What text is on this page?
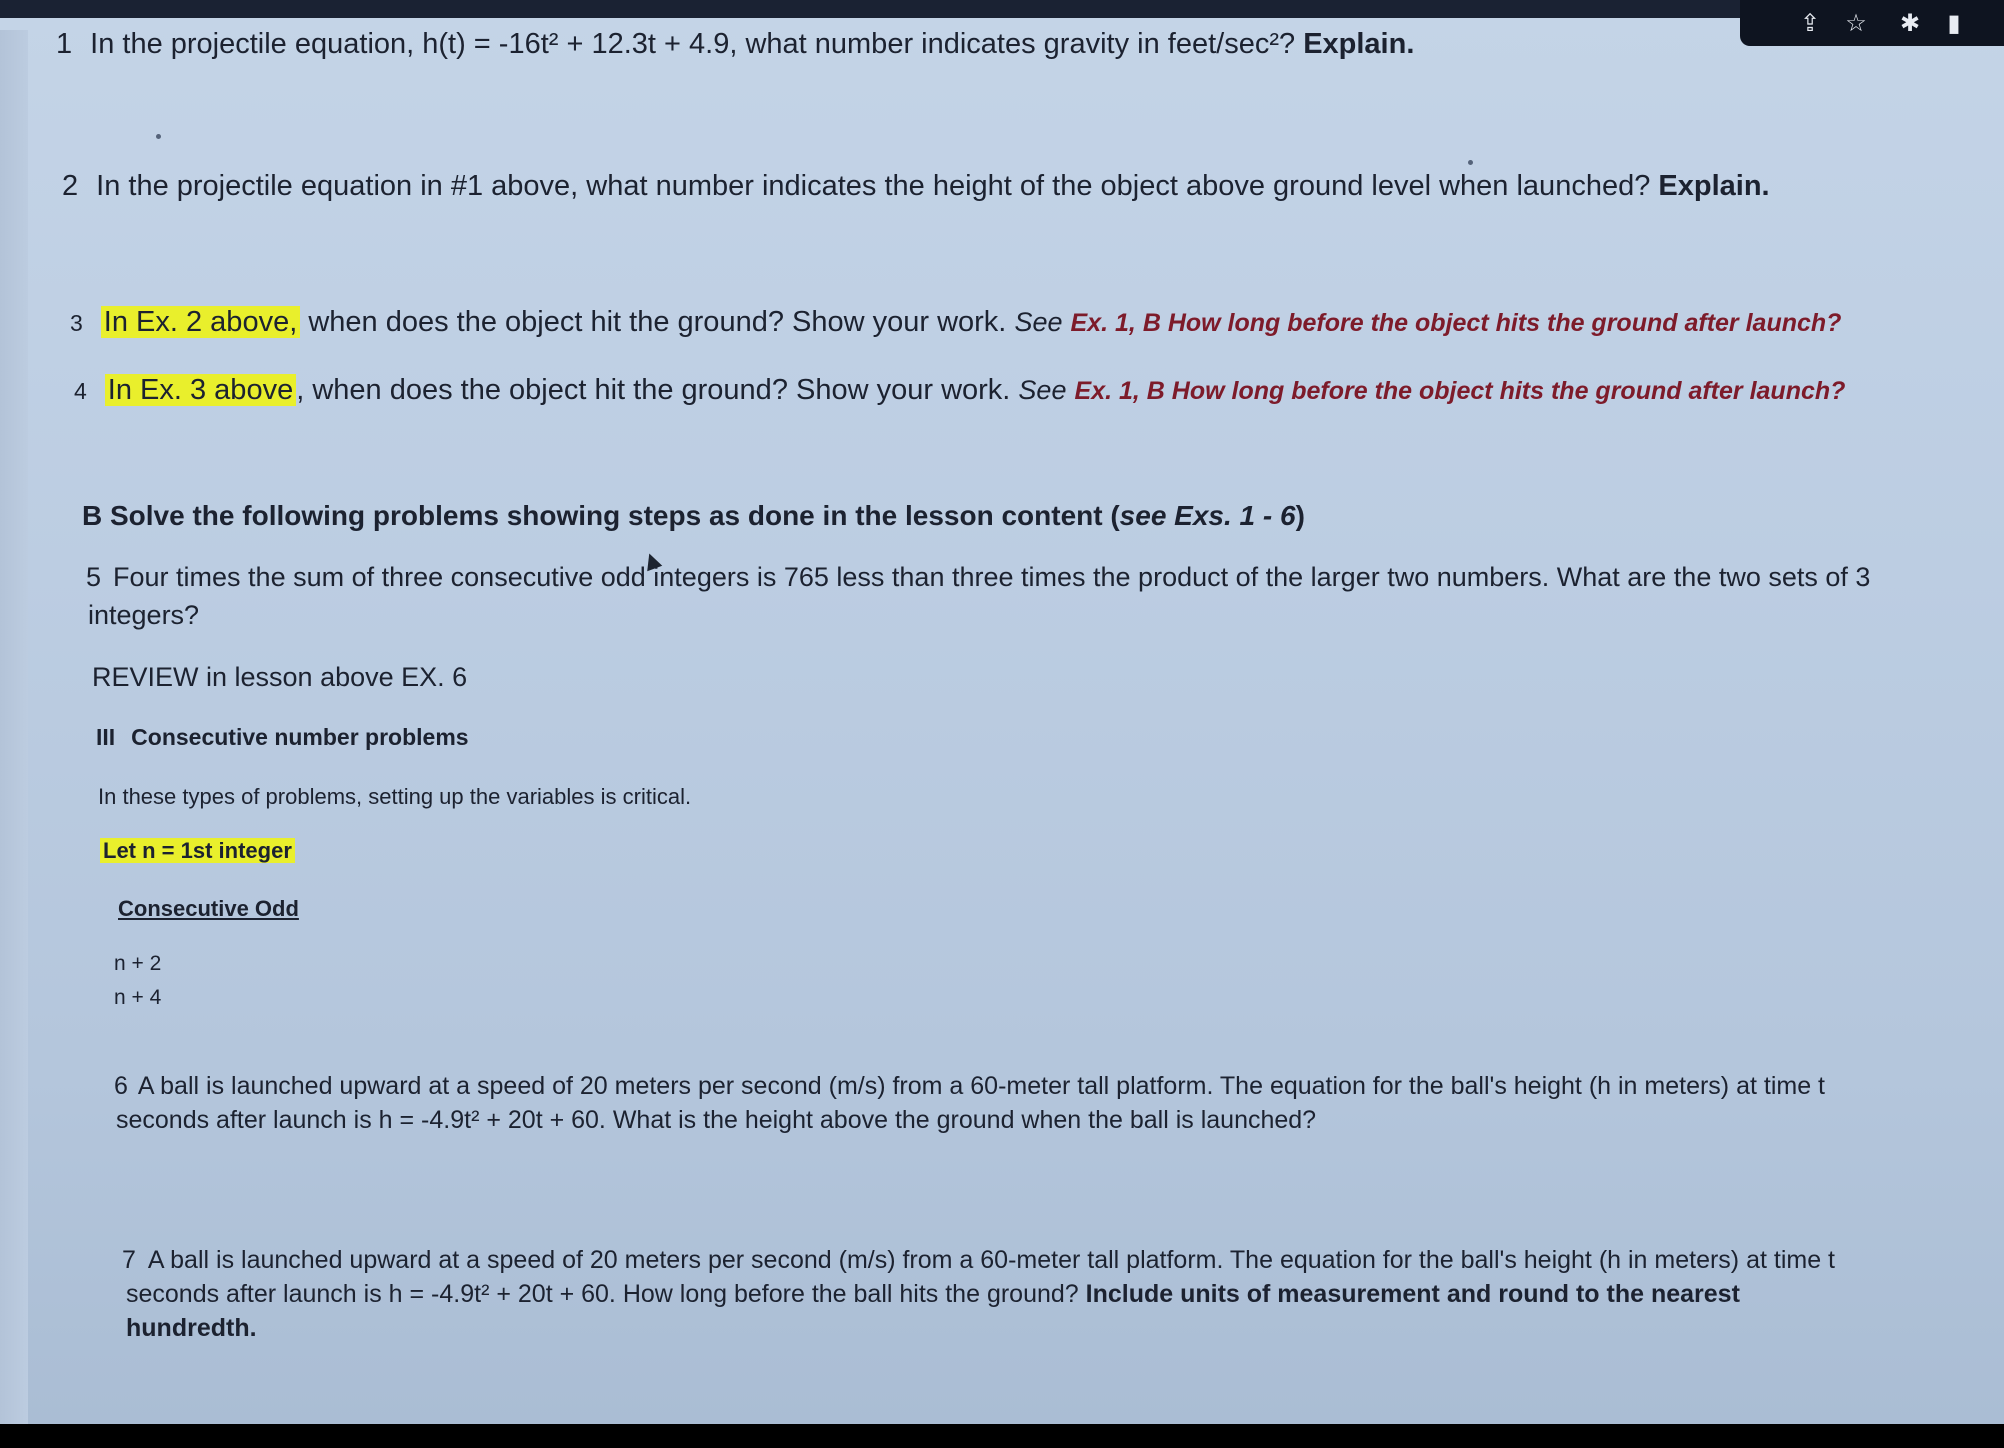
⇪	☆	✱	▮
1 In the projectile equation, h(t) = -16t² + 12.3t + 4.9, what number indicates gravity in feet/sec²? Explain.
2 In the projectile equation in #1 above, what number indicates the height of the object above ground level when launched? Explain.
3 In Ex. 2 above, when does the object hit the ground? Show your work. See Ex. 1, B How long before the object hits the ground after launch?
4 In Ex. 3 above , when does the object hit the ground? Show your work. See Ex. 1, B How long before the object hits the ground after launch?
B Solve the following problems showing steps as done in the lesson content (see Exs. 1 - 6)
5 Four times the sum of three consecutive odd integers is 765 less than three times the product of the larger two numbers. What are the two sets of 3
integers?
REVIEW in lesson above EX. 6
III Consecutive number problems
In these types of problems, setting up the variables is critical.
Let n = 1st integer
Consecutive Odd
n + 2
n + 4
6 A ball is launched upward at a speed of 20 meters per second (m/s) from a 60-meter tall platform. The equation for the ball's height (h in meters) at time t
seconds after launch is h = -4.9t² + 20t + 60. What is the height above the ground when the ball is launched?
7 A ball is launched upward at a speed of 20 meters per second (m/s) from a 60-meter tall platform. The equation for the ball's height (h in meters) at time t
seconds after launch is h = -4.9t² + 20t + 60. How long before the ball hits the ground? Include units of measurement and round to the nearest
hundredth.
